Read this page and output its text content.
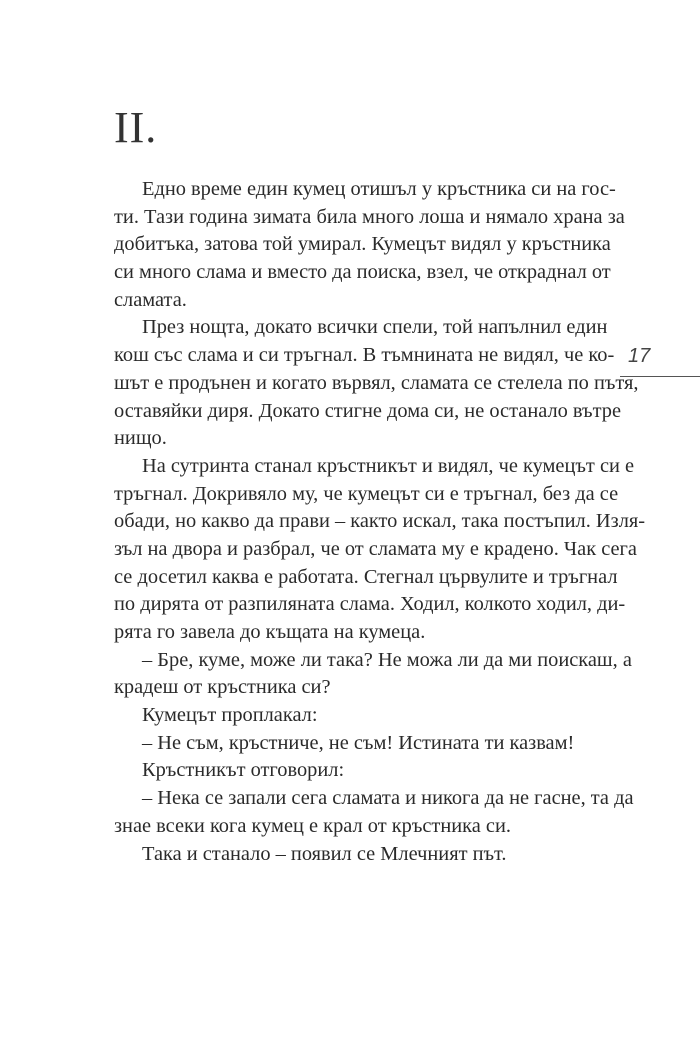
II.
Едно време един кумец отишъл у кръстника си на гос-
ти. Тази година зимата била много лоша и нямало храна за
добитъка, затова той умирал. Кумецът видял у кръстника
си много слама и вместо да поиска, взел, че откраднал от
сламата.
През нощта, докато всички спели, той напълнил един
кош със слама и си тръгнал. В тъмнината не видял, че ко-
шът е продънен и когато вървял, сламата се стелела по пътя,
оставяйки диря. Докато стигне дома си, не останало вътре
нищо.
На сутринта станал кръстникът и видял, че кумецът си е
тръгнал. Докривяло му, че кумецът си е тръгнал, без да се
обади, но какво да прави – както искал, така постъпил. Изля-
зъл на двора и разбрал, че от сламата му е крадено. Чак сега
се досетил каква е работата. Стегнал цървулите и тръгнал
по дирята от разпиляната слама. Ходил, колкото ходил, ди-
рята го завела до къщата на кумеца.
– Бре, куме, може ли така? Не можа ли да ми поискаш, а
крадеш от кръстника си?
Кумецът проплакал:
– Не съм, кръстниче, не съм! Истината ти казвам!
Кръстникът отговорил:
– Нека се запали сега сламата и никога да не гасне, та да
знае всеки кога кумец е крал от кръстника си.
Така и станало – появил се Млечният път.
17
